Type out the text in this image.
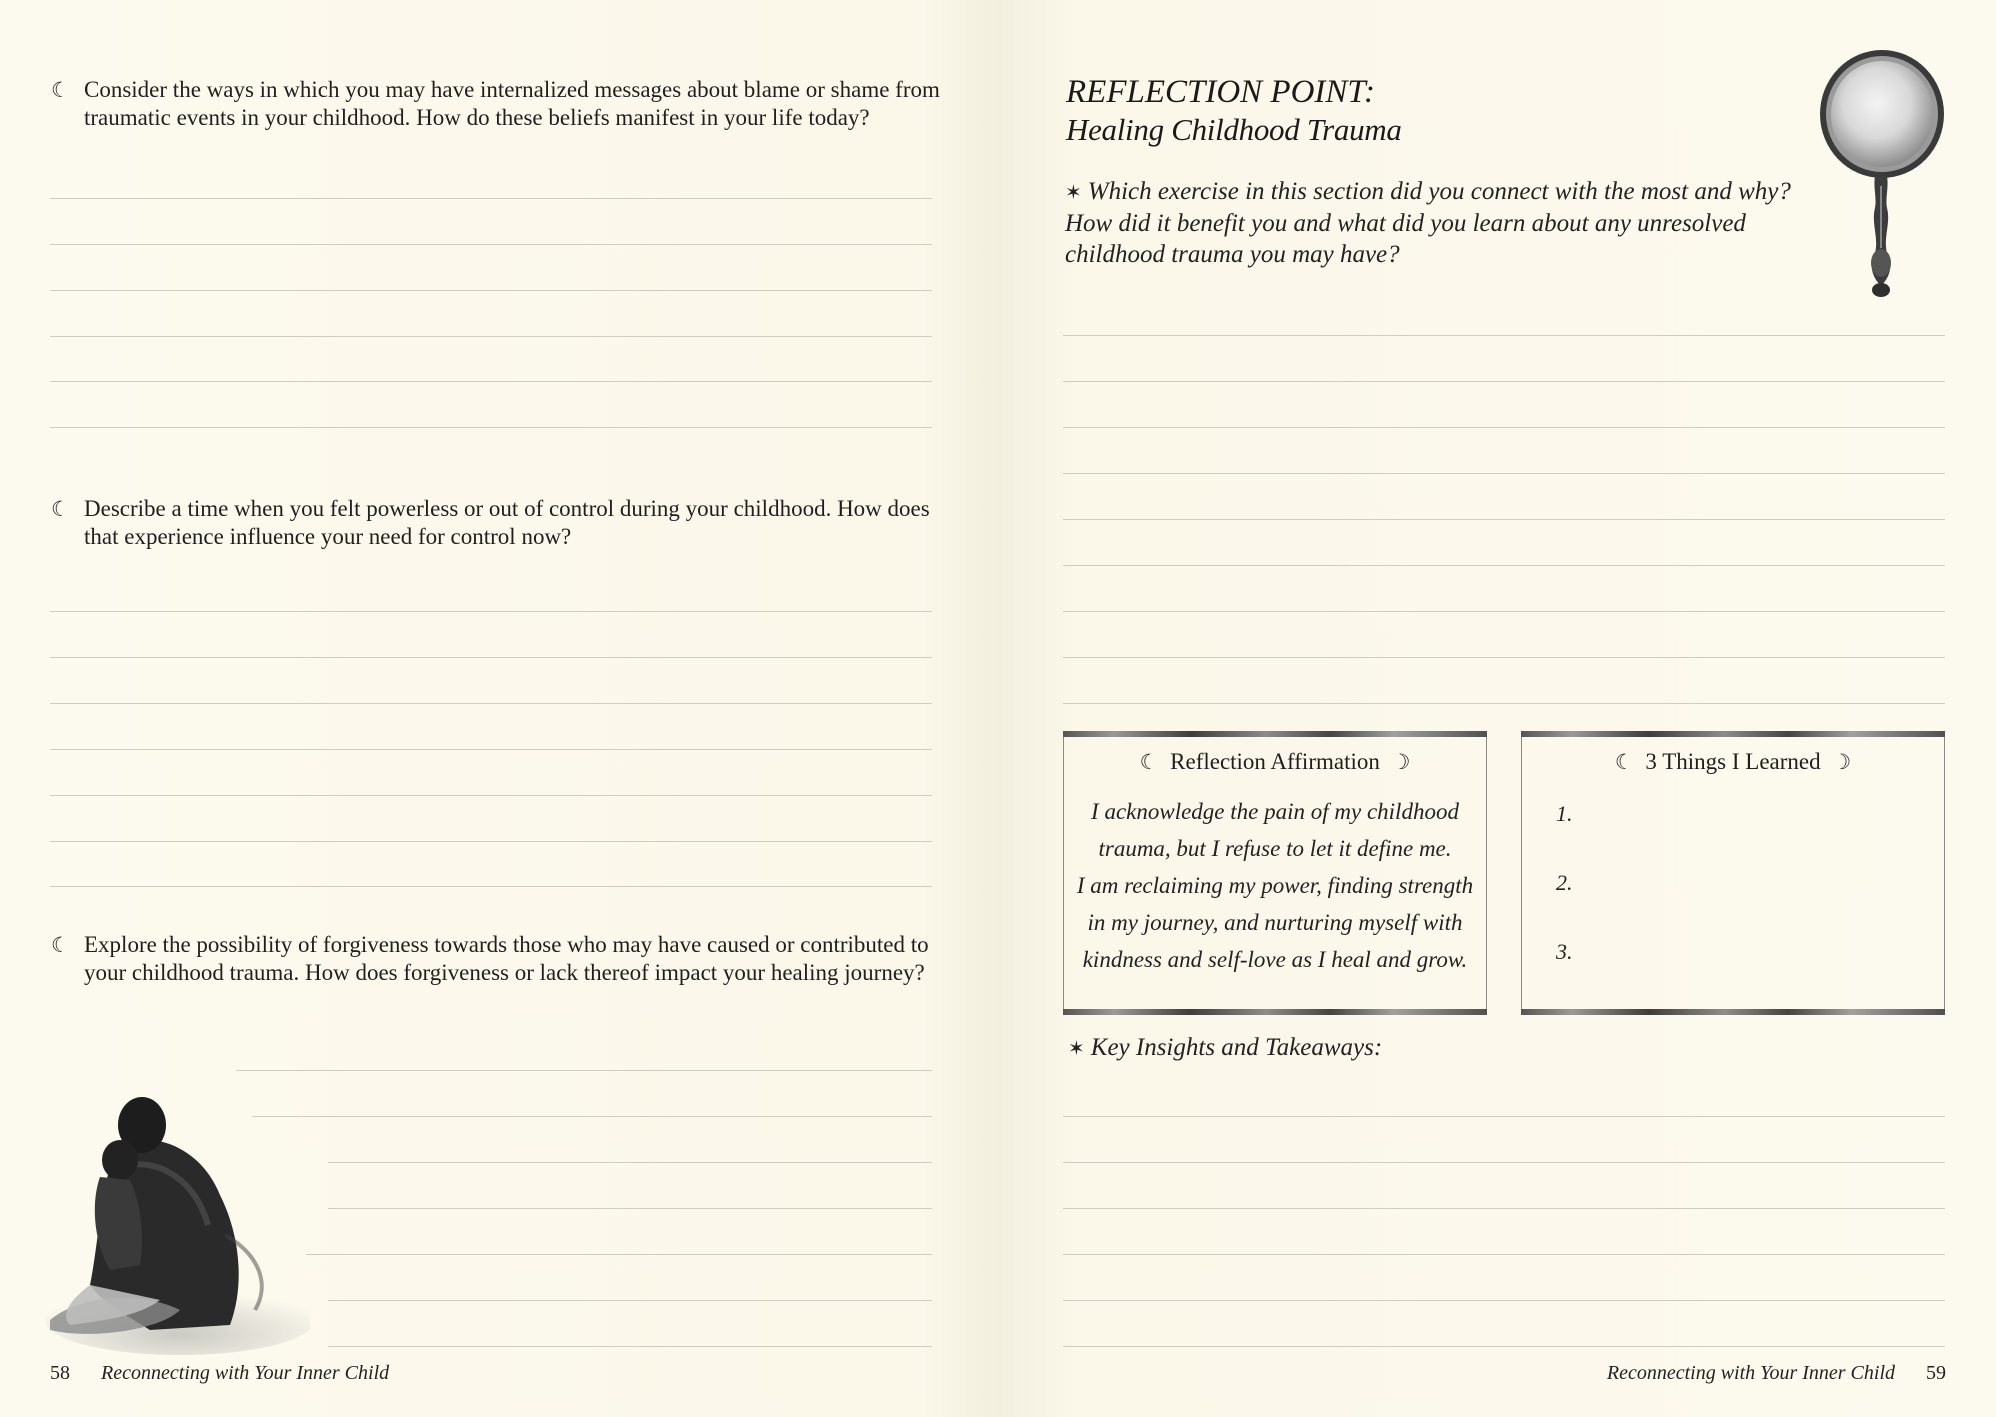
☾ Consider the ways in which you may have internalized messages about blame or shame from traumatic events in your childhood. How do these beliefs manifest in your life today?
☾ Describe a time when you felt powerless or out of control during your childhood. How does that experience influence your need for control now?
☾ Explore the possibility of forgiveness towards those who may have caused or contributed to your childhood trauma. How does forgiveness or lack thereof impact your healing journey?
58 Reconnecting with Your Inner Child
REFLECTION POINT:
Healing Childhood Trauma
✶ Which exercise in this section did you connect with the most and why? How did it benefit you and what did you learn about any unresolved childhood trauma you may have?
☾ Reflection Affirmation ☽
I acknowledge the pain of my childhood
trauma, but I refuse to let it define me.
I am reclaiming my power, finding strength
in my journey, and nurturing myself with
kindness and self-love as I heal and grow.
☾ 3 Things I Learned ☽
1.
2.
3.
✶ Key Insights and Takeaways:
Reconnecting with Your Inner Child 59
